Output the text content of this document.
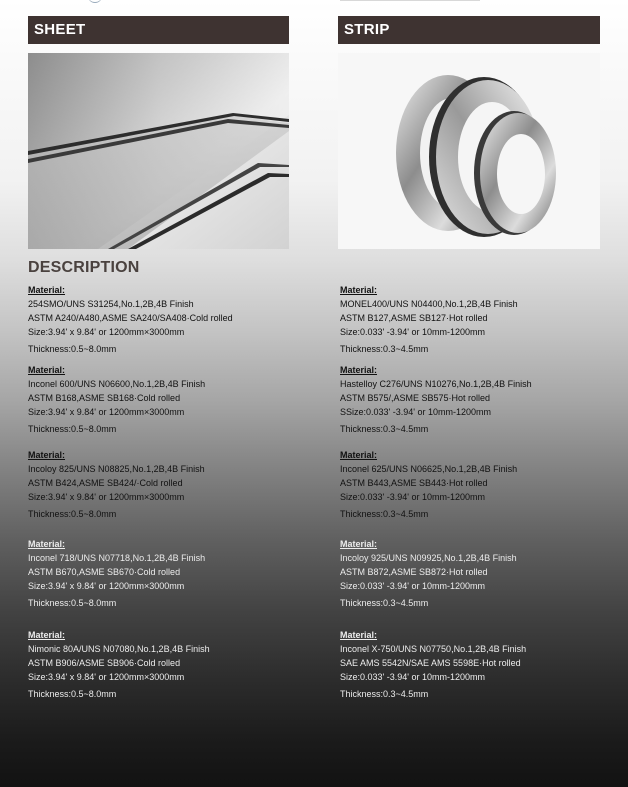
SHEET	STRIP
DESCRIPTION
Material:
254SMO/UNS S31254,No.1,2B,4B Finish
ASTM A240/A480,ASME SA240/SA408·Cold rolled
Size:3.94' x 9.84' or 1200mm×3000mm
Thickness:0.5~8.0mm
Material:
Inconel 600/UNS N06600,No.1,2B,4B Finish
ASTM B168,ASME SB168·Cold rolled
Size:3.94' x 9.84' or 1200mm×3000mm
Thickness:0.5~8.0mm
Material:
Incoloy 825/UNS N08825,No.1,2B,4B Finish
ASTM B424,ASME SB424/·Cold rolled
Size:3.94' x 9.84' or 1200mm×3000mm
Thickness:0.5~8.0mm
Material:
Inconel 718/UNS N07718,No.1,2B,4B Finish
ASTM B670,ASME SB670·Cold rolled
Size:3.94' x 9.84' or 1200mm×3000mm
Thickness:0.5~8.0mm
Material:
Nimonic 80A/UNS N07080,No.1,2B,4B Finish
ASTM B906/ASME SB906·Cold rolled
Size:3.94' x 9.84' or 1200mm×3000mm
Thickness:0.5~8.0mm
Material:
MONEL400/UNS N04400,No.1,2B,4B Finish
ASTM B127,ASME SB127·Hot rolled
Size:0.033' -3.94' or 10mm-1200mm
Thickness:0.3~4.5mm
Material:
Hastelloy C276/UNS N10276,No.1,2B,4B Finish
ASTM B575/,ASME SB575·Hot rolled
SSize:0.033' -3.94' or 10mm-1200mm
Thickness:0.3~4.5mm
Material:
Inconel 625/UNS N06625,No.1,2B,4B Finish
ASTM B443,ASME SB443·Hot rolled
Size:0.033' -3.94' or 10mm-1200mm
Thickness:0.3~4.5mm
Material:
Incoloy 925/UNS N09925,No.1,2B,4B Finish
ASTM B872,ASME SB872·Hot rolled
Size:0.033' -3.94' or 10mm-1200mm
Thickness:0.3~4.5mm
Material:
Inconel X-750/UNS N07750,No.1,2B,4B Finish
SAE AMS 5542N/SAE AMS 5598E·Hot rolled
Size:0.033' -3.94' or 10mm-1200mm
Thickness:0.3~4.5mm
